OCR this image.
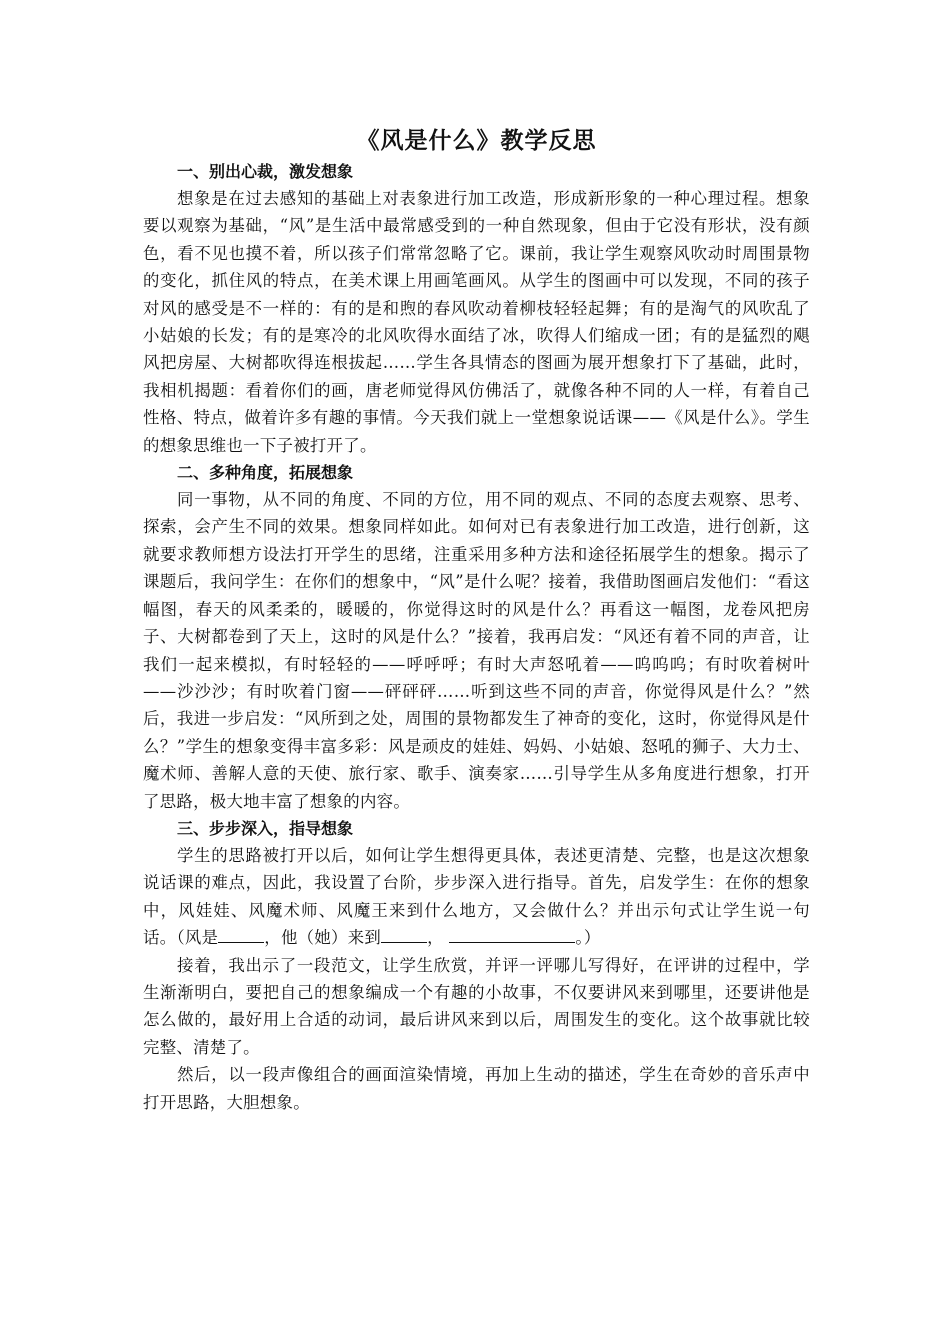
《风是什么》教学反思

一、别出心裁，激发想象

想象是在过去感知的基础上对表象进行加工改造，形成新形象的一种心理过程。想象要以观察为基础，“风”是生活中最常感受到的一种自然现象，但由于它没有形状，没有颜色，看不见也摸不着，所以孩子们常常忽略了它。课前，我让学生观察风吹动时周围景物的变化，抓住风的特点，在美术课上用画笔画风。从学生的图画中可以发现，不同的孩子对风的感受是不一样的：有的是和煦的春风吹动着柳枝轻轻起舞；有的是淘气的风吹乱了小姑娘的长发；有的是寒冷的北风吹得水面结了冰，吹得人们缩成一团；有的是猛烈的飓风把房屋、大树都吹得连根拔起……学生各具情态的图画为展开想象打下了基础，此时，我相机揭题：看着你们的画，唐老师觉得风仿佛活了，就像各种不同的人一样，有着自己性格、特点，做着许多有趣的事情。今天我们就上一堂想象说话课——《风是什么》。学生的想象思维也一下子被打开了。

二、多种角度，拓展想象

同一事物，从不同的角度、不同的方位，用不同的观点、不同的态度去观察、思考、探索，会产生不同的效果。想象同样如此。如何对已有表象进行加工改造，进行创新，这就要求教师想方设法打开学生的思绪，注重采用多种方法和途径拓展学生的想象。揭示了课题后，我问学生：在你们的想象中，“风”是什么呢？接着，我借助图画启发他们：“看这幅图，春天的风柔柔的，暖暖的，你觉得这时的风是什么？再看这一幅图，龙卷风把房子、大树都卷到了天上，这时的风是什么？”接着，我再启发：“风还有着不同的声音，让我们一起来模拟，有时轻轻的——呼呼呼；有时大声怒吼着——呜呜呜；有时吹着树叶——沙沙沙；有时吹着门窗——砰砰砰……听到这些不同的声音，你觉得风是什么？”然后，我进一步启发：“风所到之处，周围的景物都发生了神奇的变化，这时，你觉得风是什么？”学生的想象变得丰富多彩：风是顽皮的娃娃、妈妈、小姑娘、怒吼的狮子、大力士、魔术师、善解人意的天使、旅行家、歌手、演奏家……引导学生从多角度进行想象，打开了思路，极大地丰富了想象的内容。

三、步步深入，指导想象

学生的思路被打开以后，如何让学生想得更具体，表述更清楚、完整，也是这次想象说话课的难点，因此，我设置了台阶，步步深入进行指导。首先，启发学生：在你的想象中，风娃娃、风魔术师、风魔王来到什么地方，又会做什么？并出示句式让学生说一句话。（风是	，他（她）来到	，	。）

接着，我出示了一段范文，让学生欣赏，并评一评哪儿写得好，在评讲的过程中，学生渐渐明白，要把自己的想象编成一个有趣的小故事，不仅要讲风来到哪里，还要讲他是怎么做的，最好用上合适的动词，最后讲风来到以后，周围发生的变化。这个故事就比较完整、清楚了。

然后，以一段声像组合的画面渲染情境，再加上生动的描述，学生在奇妙的音乐声中打开思路，大胆想象。
